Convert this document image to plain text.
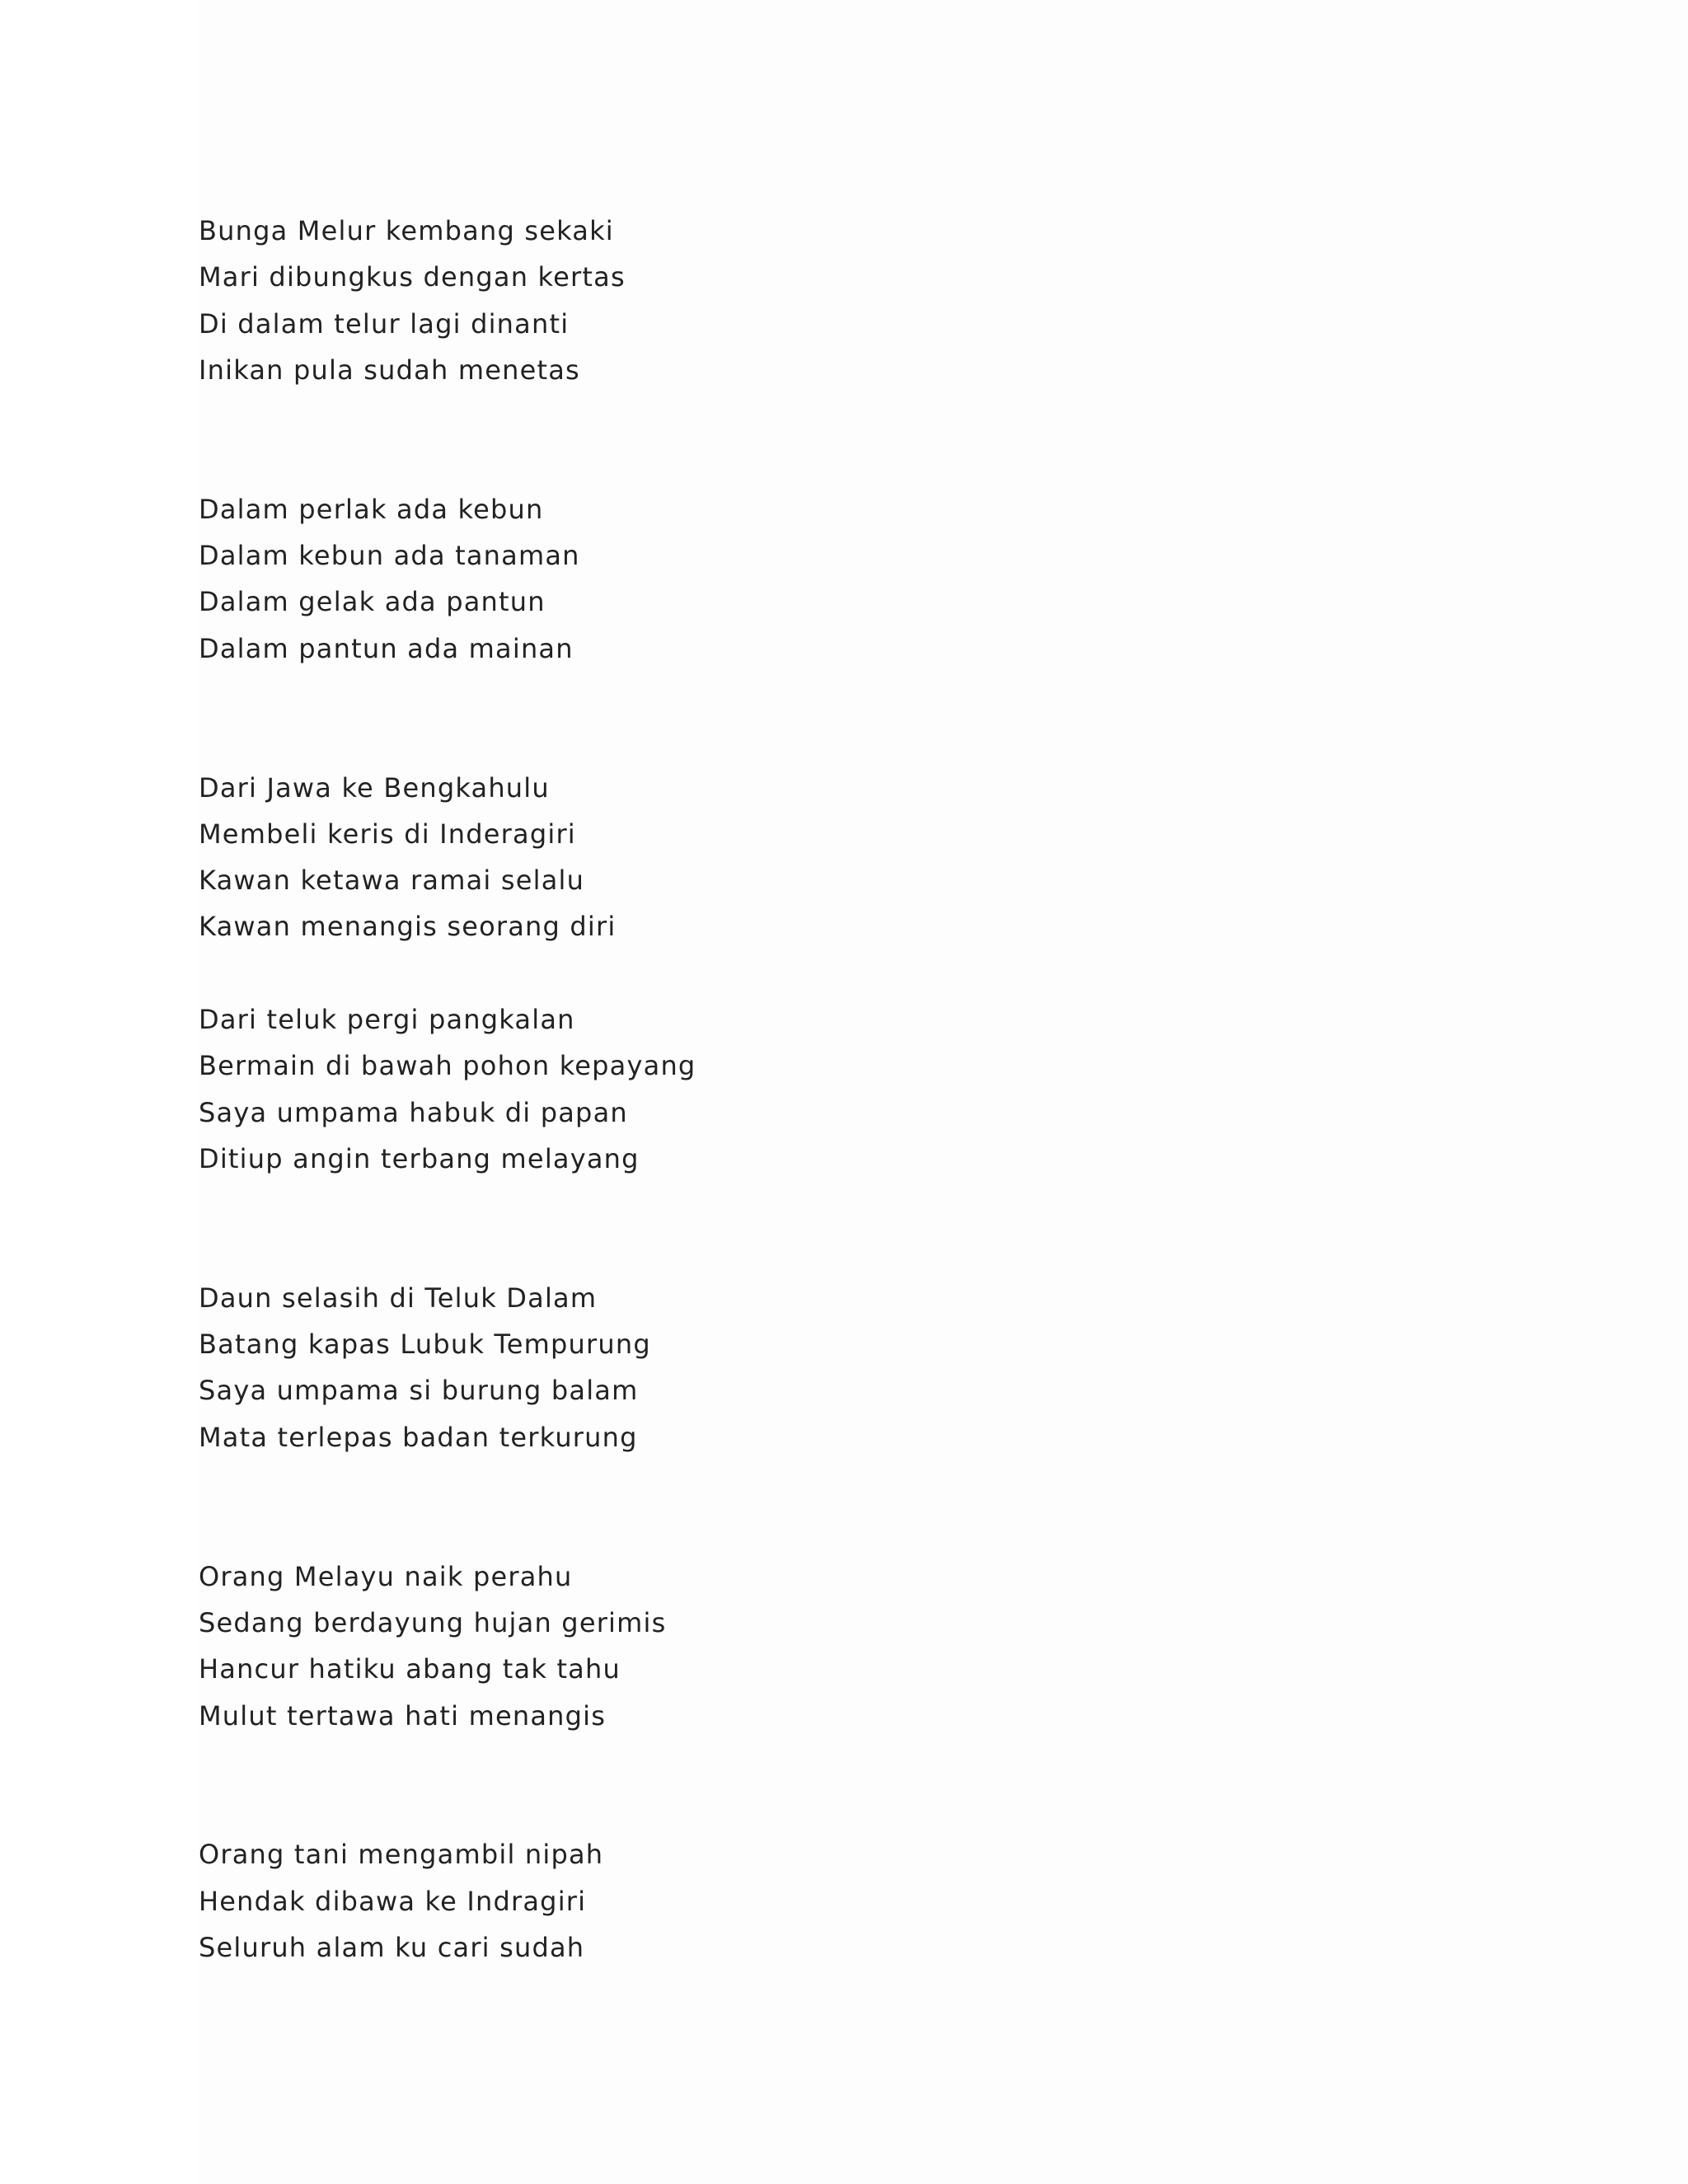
Bunga Melur kembang sekaki
Mari dibungkus dengan kertas
Di dalam telur lagi dinanti
Inikan pula sudah menetas
Dalam perlak ada kebun
Dalam kebun ada tanaman
Dalam gelak ada pantun
Dalam pantun ada mainan
Dari Jawa ke Bengkahulu
Membeli keris di Inderagiri
Kawan ketawa ramai selalu
Kawan menangis seorang diri
Dari teluk pergi pangkalan
Bermain di bawah pohon kepayang
Saya umpama habuk di papan
Ditiup angin terbang melayang
Daun selasih di Teluk Dalam
Batang kapas Lubuk Tempurung
Saya umpama si burung balam
Mata terlepas badan terkurung
Orang Melayu naik perahu
Sedang berdayung hujan gerimis
Hancur hatiku abang tak tahu
Mulut tertawa hati menangis
Orang tani mengambil nipah
Hendak dibawa ke Indragiri
Seluruh alam ku cari sudah
